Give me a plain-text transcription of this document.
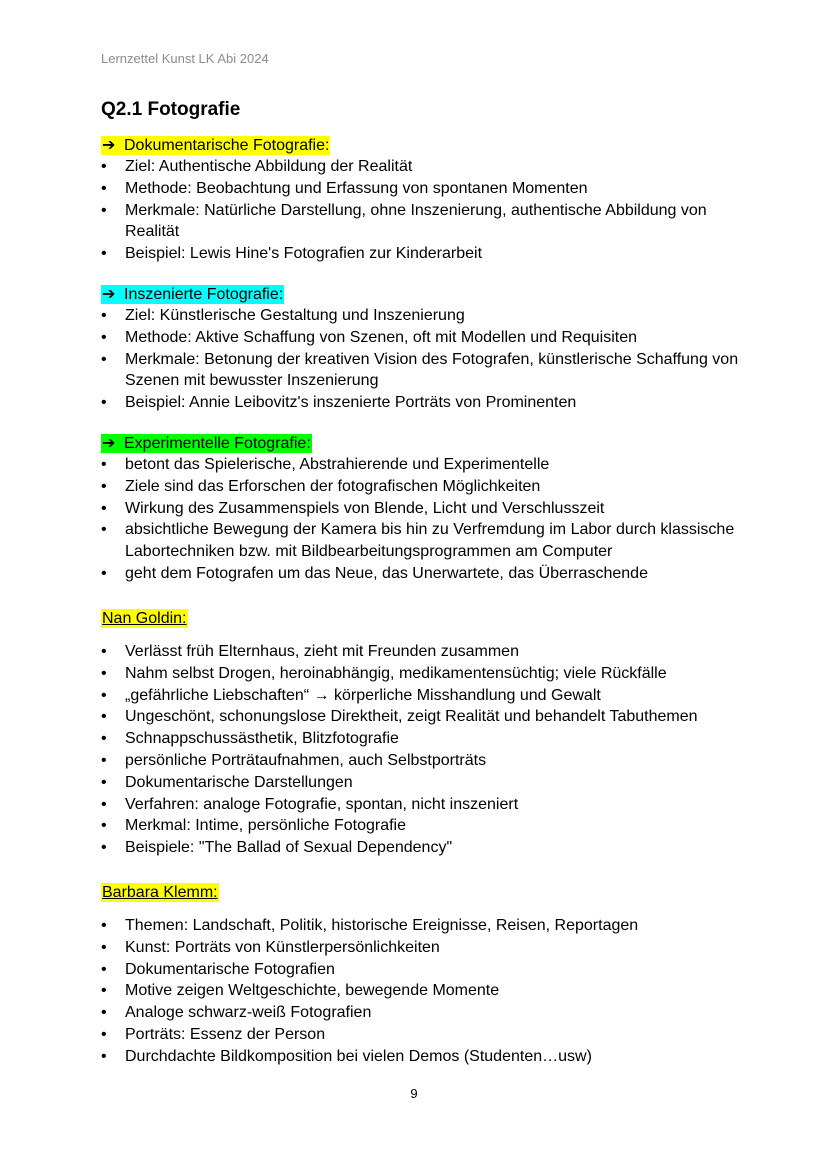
Lernzettel Kunst LK Abi 2024
Q2.1 Fotografie
➔ Dokumentarische Fotografie:
• Ziel: Authentische Abbildung der Realität
• Methode: Beobachtung und Erfassung von spontanen Momenten
• Merkmale: Natürliche Darstellung, ohne Inszenierung, authentische Abbildung von Realität
• Beispiel: Lewis Hine's Fotografien zur Kinderarbeit
➔ Inszenierte Fotografie:
• Ziel: Künstlerische Gestaltung und Inszenierung
• Methode: Aktive Schaffung von Szenen, oft mit Modellen und Requisiten
• Merkmale: Betonung der kreativen Vision des Fotografen, künstlerische Schaffung von Szenen mit bewusster Inszenierung
• Beispiel: Annie Leibovitz's inszenierte Porträts von Prominenten
➔ Experimentelle Fotografie:
• betont das Spielerische, Abstrahierende und Experimentelle
• Ziele sind das Erforschen der fotografischen Möglichkeiten
• Wirkung des Zusammenspiels von Blende, Licht und Verschlusszeit
• absichtliche Bewegung der Kamera bis hin zu Verfremdung im Labor durch klassische Labortechniken bzw. mit Bildbearbeitungsprogrammen am Computer
• geht dem Fotografen um das Neue, das Unerwartete, das Überraschende
Nan Goldin:
• Verlässt früh Elternhaus, zieht mit Freunden zusammen
• Nahm selbst Drogen, heroinabhängig, medikamentensüchtig; viele Rückfälle
• „gefährliche Liebschaften“ → körperliche Misshandlung und Gewalt
• Ungeschönt, schonungslose Direktheit, zeigt Realität und behandelt Tabuthemen
• Schnappschussästhetik, Blitzfotografie
• persönliche Porträtaufnahmen, auch Selbstporträts
• Dokumentarische Darstellungen
• Verfahren: analoge Fotografie, spontan, nicht inszeniert
• Merkmal: Intime, persönliche Fotografie
• Beispiele: "The Ballad of Sexual Dependency"
Barbara Klemm:
• Themen: Landschaft, Politik, historische Ereignisse, Reisen, Reportagen
• Kunst: Porträts von Künstlerpersönlichkeiten
• Dokumentarische Fotografien
• Motive zeigen Weltgeschichte, bewegende Momente
• Analoge schwarz-weiß Fotografien
• Porträts: Essenz der Person
• Durchdachte Bildkomposition bei vielen Demos (Studenten…usw)
9
